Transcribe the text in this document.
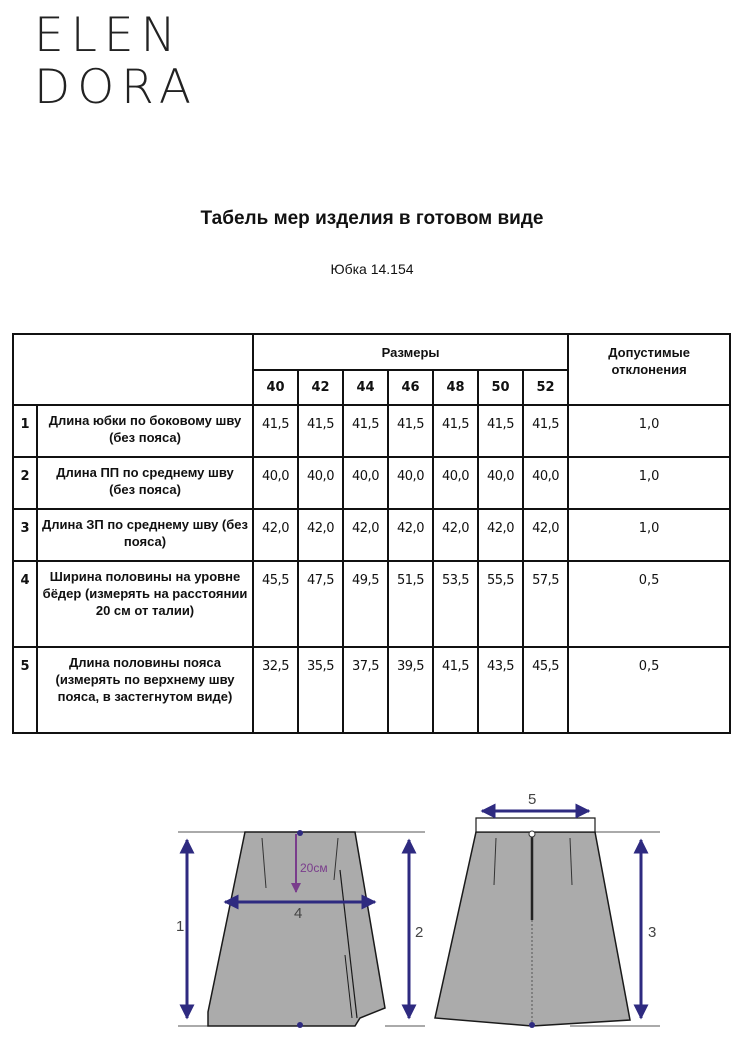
ELEN
DORA
Табель мер изделия в готовом виде
Юбка 14.154
		Размеры							Допустимые отклонения
		40	42	44	46	48	50	52	
1	Длина юбки по боковому шву (без пояса)	41,5	41,5	41,5	41,5	41,5	41,5	41,5	1,0
2	Длина ПП по среднему шву (без пояса)	40,0	40,0	40,0	40,0	40,0	40,0	40,0	1,0
3	Длина ЗП по среднему шву (без пояса)	42,0	42,0	42,0	42,0	42,0	42,0	42,0	1,0
4	Ширина половины на уровне бёдер (измерять на расстоянии 20 см от талии)	45,5	47,5	49,5	51,5	53,5	55,5	57,5	0,5
5	Длина половины пояса (измерять по верхнему шву пояса, в застегнутом виде)	32,5	35,5	37,5	39,5	41,5	43,5	45,5	0,5
1	2
20см
4
5
3
